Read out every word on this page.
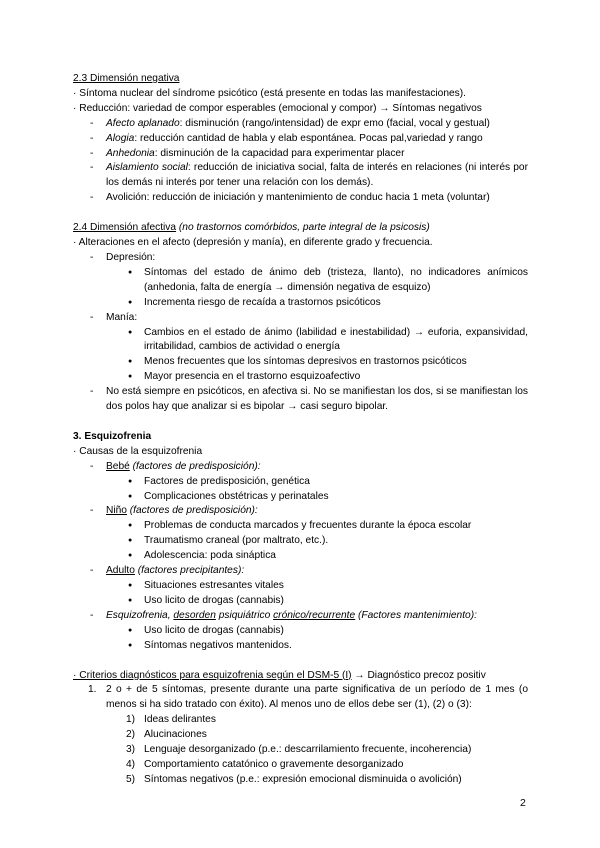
2.3 Dimensión negativa

· Síntoma nuclear del síndrome psicótico (está presente en todas las manifestaciones).

· Reducción: variedad de compor esperables (emocional y compor) → Síntomas negativos

- Afecto aplanado: disminución (rango/intensidad) de expr emo (facial, vocal y gestual)

- Alogia: reducción cantidad de habla y elab espontánea. Pocas pal,variedad y rango

- Anhedonia: disminución de la capacidad para experimentar placer

- Aislamiento social: reducción de iniciativa social, falta de interés en relaciones (ni interés por los demás ni interés por tener una relación con los demás).

- Avolición: reducción de iniciación y mantenimiento de conduc hacia 1 meta (voluntar)

2.4 Dimensión afectiva (no trastornos comórbidos, parte integral de la psicosis)

· Alteraciones en el afecto (depresión y manía), en diferente grado y frecuencia.

- Depresión:

● Síntomas del estado de ánimo deb (tristeza, llanto), no indicadores anímicos (anhedonia, falta de energía → dimensión negativa de esquizo)

● Incrementa riesgo de recaída a trastornos psicóticos

- Manía:

● Cambios en el estado de ánimo (labilidad e inestabilidad) → euforia, expansividad, irritabilidad, cambios de actividad o energía

● Menos frecuentes que los síntomas depresivos en trastornos psicóticos

● Mayor presencia en el trastorno esquizoafectivo

- No está siempre en psicóticos, en afectiva si. No se manifiestan los dos, si se manifiestan los dos polos hay que analizar si es bipolar → casi seguro bipolar.

3. Esquizofrenia

· Causas de la esquizofrenia

- Bebé (factores de predisposición):

● Factores de predisposición, genética

● Complicaciones obstétricas y perinatales

- Niño (factores de predisposición):

● Problemas de conducta marcados y frecuentes durante la época escolar

● Traumatismo craneal (por maltrato, etc.).

● Adolescencia: poda sináptica

- Adulto (factores precipitantes):

● Situaciones estresantes vitales

● Uso licito de drogas (cannabis)

- Esquizofrenia, desorden psiquiátrico crónico/recurrente (Factores mantenimiento):

● Uso licito de drogas (cannabis)

● Síntomas negativos mantenidos.

· Criterios diagnósticos para esquizofrenia según el DSM-5 (I) → Diagnóstico precoz positiv

1. 2 o + de 5 síntomas, presente durante una parte significativa de un período de 1 mes (o menos si ha sido tratado con éxito). Al menos uno de ellos debe ser (1), (2) o (3):

1) Ideas delirantes

2) Alucinaciones

3) Lenguaje desorganizado (p.e.: descarrilamiento frecuente, incoherencia)

4) Comportamiento catatónico o gravemente desorganizado

5) Síntomas negativos (p.e.: expresión emocional disminuida o avolición)

2
